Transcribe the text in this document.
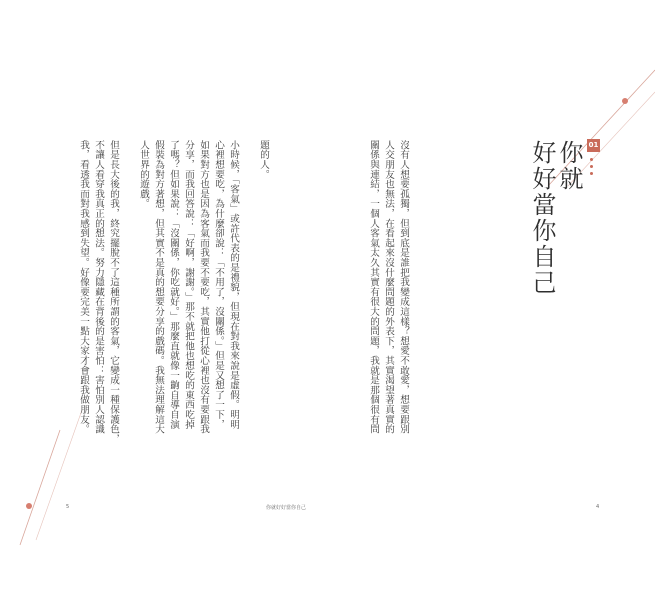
01
你就
好好當你自己
沒有人想要孤獨，但到底是誰把我變成這樣？想愛不敢愛，想要跟別
人交朋友也無法，在看起來沒什麼問題的外表下，其實渴望著真實的
關係與連結，一個人客氣太久其實有很大的問題，我就是那個很有問
題的人。
小時候，「客氣」或許代表的是禮貌，但現在對我來說是虛假。明明
心裡想要吃，為什麼卻說：「不用了，沒關係。」但是又想了一下，
如果對方也是因為客氣而我要不要吃，其實他打從心裡也沒有要跟我
分享，而我回答說：「好啊，謝謝。」那不就把他也想吃的東西吃掉
了嗎？但如果說：「沒關係，你吃就好。」那麼直就像一齣自導自演
假裝為對方著想，但其實不是真的想要分享的戲碼。我無法理解這大
人世界的遊戲。
但是長大後的我，終究擺脫不了這種所謂的客氣，它變成一種保護色，
不讓人看穿我真正的想法。努力隱藏在背後的是害怕：害怕別人認識
我，看透我而對我感到失望。好像要完美一點大家才會跟我做朋友。
5	你就好好當你自己	4
